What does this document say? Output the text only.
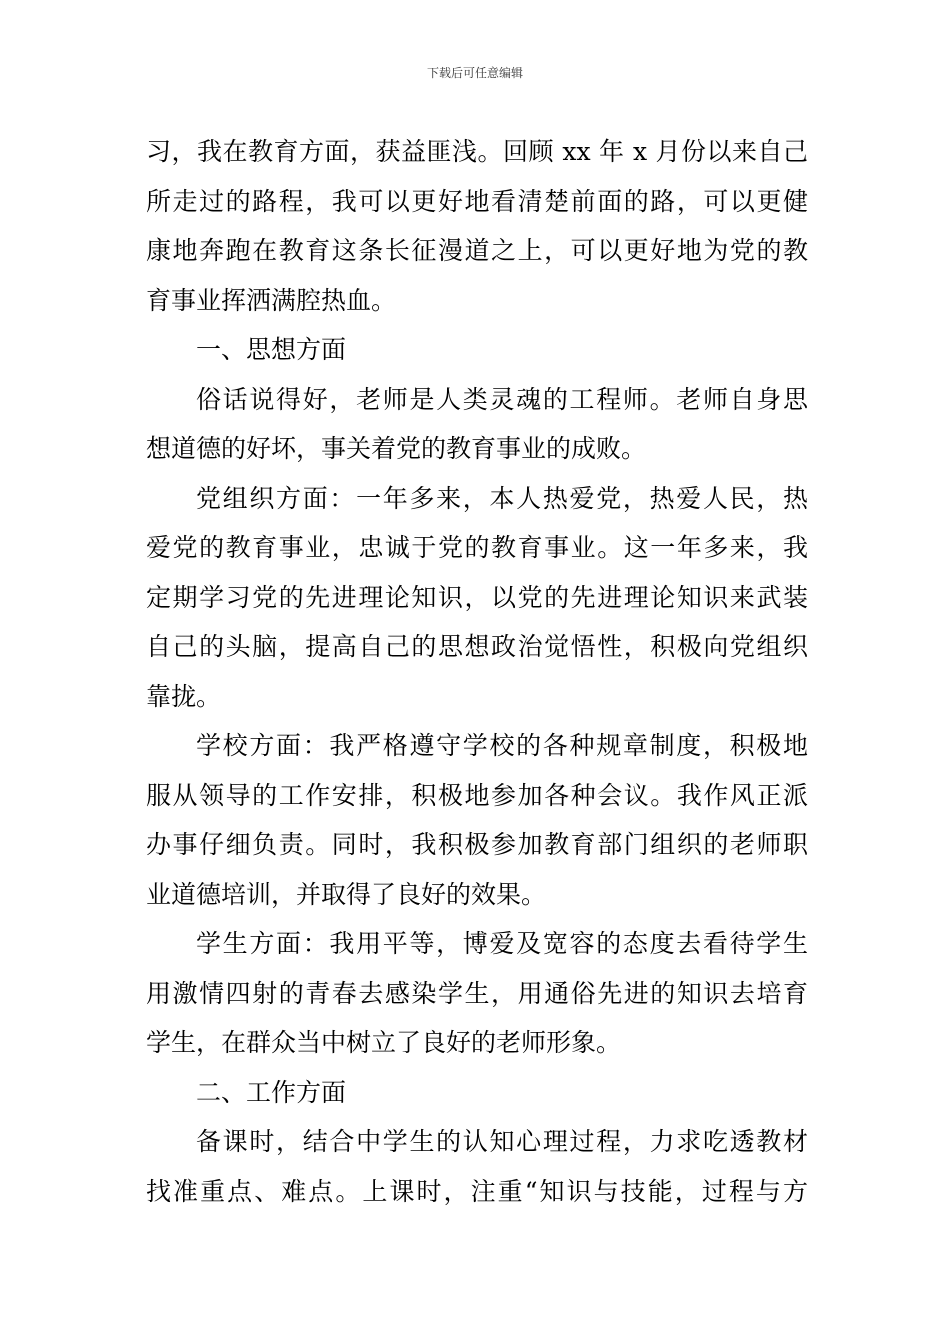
下载后可任意编辑
习，我在教育方面，获益匪浅。回顾 xx 年 x 月份以来自己
所走过的路程，我可以更好地看清楚前面的路，可以更健
康地奔跑在教育这条长征漫道之上，可以更好地为党的教
育事业挥洒满腔热血。
一、思想方面
俗话说得好，老师是人类灵魂的工程师。老师自身思
想道德的好坏，事关着党的教育事业的成败。
党组织方面：一年多来，本人热爱党，热爱人民，热
爱党的教育事业，忠诚于党的教育事业。这一年多来，我
定期学习党的先进理论知识，以党的先进理论知识来武装
自己的头脑，提高自己的思想政治觉悟性，积极向党组织
靠拢。
学校方面：我严格遵守学校的各种规章制度，积极地
服从领导的工作安排，积极地参加各种会议。我作风正派
办事仔细负责。同时，我积极参加教育部门组织的老师职
业道德培训，并取得了良好的效果。
学生方面：我用平等，博爱及宽容的态度去看待学生
用激情四射的青春去感染学生，用通俗先进的知识去培育
学生，在群众当中树立了良好的老师形象。
二、工作方面
备课时，结合中学生的认知心理过程，力求吃透教材
找准重点、难点。上课时，注重“知识与技能，过程与方
